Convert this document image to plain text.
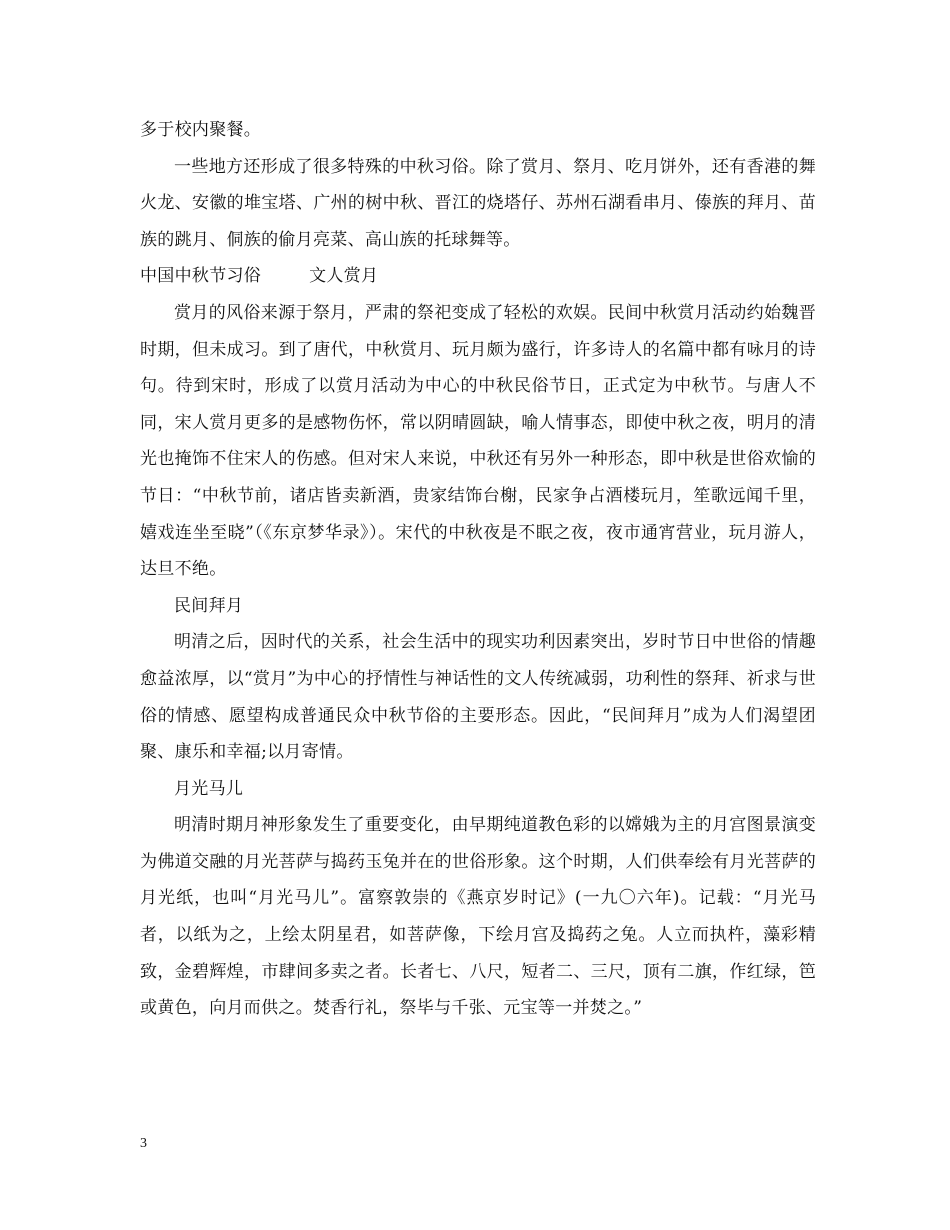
多于校内聚餐。

一些地方还形成了很多特殊的中秋习俗。除了赏月、祭月、吃月饼外，还有香港的舞火龙、安徽的堆宝塔、广州的树中秋、晋江的烧塔仔、苏州石湖看串月、傣族的拜月、苗族的跳月、侗族的偷月亮菜、高山族的托球舞等。

中国中秋节习俗	文人赏月

赏月的风俗来源于祭月，严肃的祭祀变成了轻松的欢娱。民间中秋赏月活动约始魏晋时期，但未成习。到了唐代，中秋赏月、玩月颇为盛行，许多诗人的名篇中都有咏月的诗句。待到宋时，形成了以赏月活动为中心的中秋民俗节日，正式定为中秋节。与唐人不同，宋人赏月更多的是感物伤怀，常以阴晴圆缺，喻人情事态，即使中秋之夜，明月的清光也掩饰不住宋人的伤感。但对宋人来说，中秋还有另外一种形态，即中秋是世俗欢愉的节日：“中秋节前，诸店皆卖新酒，贵家结饰台榭，民家争占酒楼玩月，笙歌远闻千里，嬉戏连坐至晓”（《东京梦华录》）。宋代的中秋夜是不眠之夜，夜市通宵营业，玩月游人，达旦不绝。

民间拜月

明清之后，因时代的关系，社会生活中的现实功利因素突出，岁时节日中世俗的情趣愈益浓厚，以“赏月”为中心的抒情性与神话性的文人传统减弱，功利性的祭拜、祈求与世俗的情感、愿望构成普通民众中秋节俗的主要形态。因此，“民间拜月”成为人们渴望团聚、康乐和幸福;以月寄情。

月光马儿

明清时期月神形象发生了重要变化，由早期纯道教色彩的以嫦娥为主的月宫图景演变为佛道交融的月光菩萨与捣药玉兔并在的世俗形象。这个时期，人们供奉绘有月光菩萨的月光纸，也叫“月光马儿”。富察敦崇的《燕京岁时记》(一九〇六年)。记载：“月光马者，以纸为之，上绘太阴星君，如菩萨像，下绘月宫及捣药之兔。人立而执杵，藻彩精致，金碧辉煌，市肆间多卖之者。长者七、八尺，短者二、三尺，顶有二旗，作红绿，笆或黄色，向月而供之。焚香行礼，祭毕与千张、元宝等一并焚之。”

3
